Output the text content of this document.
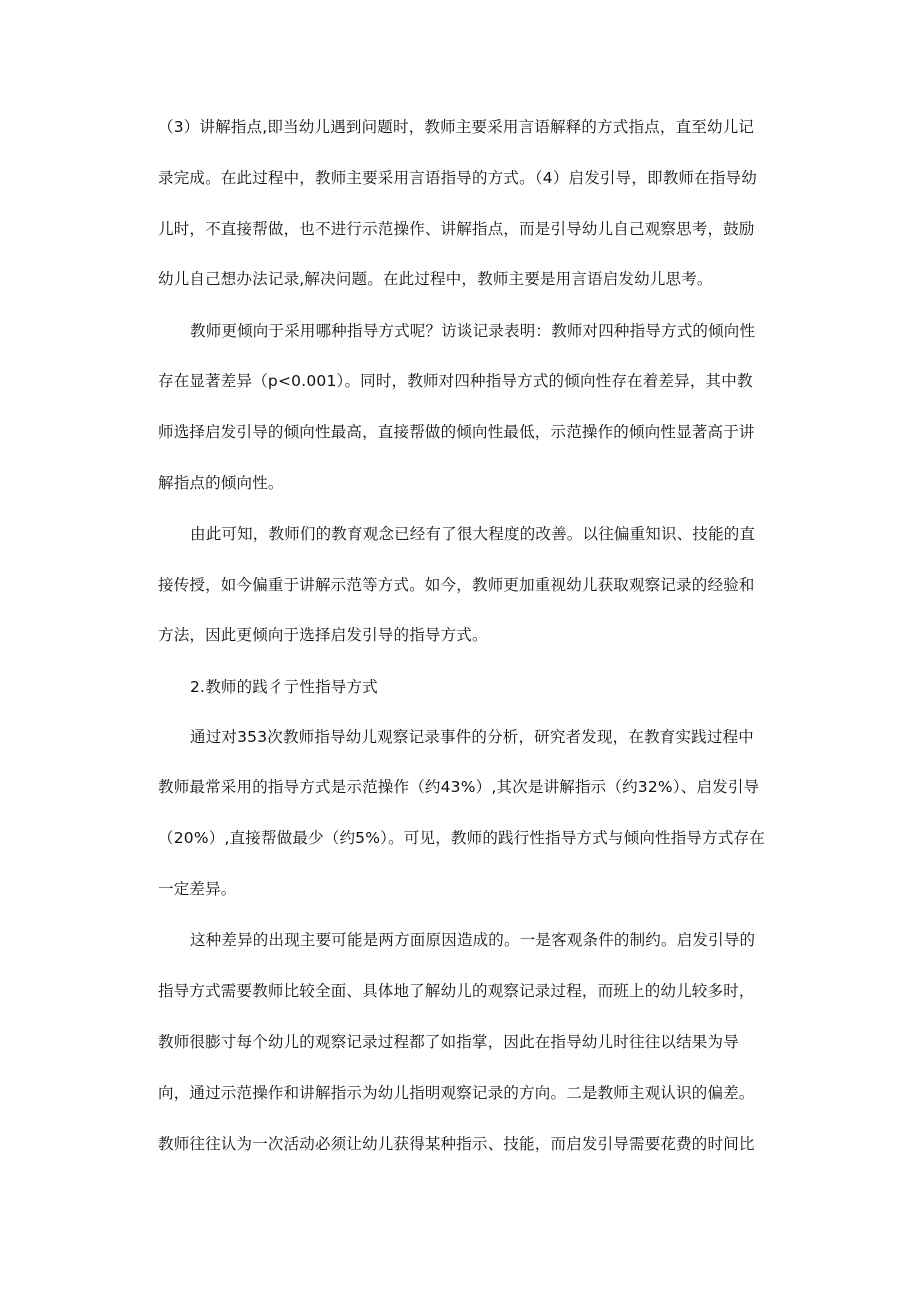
（3）讲解指点,即当幼儿遇到问题时，教师主要采用言语解释的方式指点，直至幼儿记
录完成。在此过程中，教师主要采用言语指导的方式。（4）启发引导，即教师在指导幼
儿时，不直接帮做，也不进行示范操作、讲解指点，而是引导幼儿自己观察思考，鼓励
幼儿自己想办法记录,解决问题。在此过程中，教师主要是用言语启发幼儿思考。
教师更倾向于采用哪种指导方式呢？访谈记录表明：教师对四种指导方式的倾向性
存在显著差异（p<0.001）。同时，教师对四种指导方式的倾向性存在着差异，其中教
师选择启发引导的倾向性最高，直接帮做的倾向性最低，示范操作的倾向性显著高于讲
解指点的倾向性。
由此可知，教师们的教育观念已经有了很大程度的改善。以往偏重知识、技能的直
接传授，如今偏重于讲解示范等方式。如今，教师更加重视幼儿获取观察记录的经验和
方法，因此更倾向于选择启发引导的指导方式。
2.教师的践彳亍性指导方式
通过对353次教师指导幼儿观察记录事件的分析，研究者发现，在教育实践过程中
教师最常采用的指导方式是示范操作（约43%）,其次是讲解指示（约32%）、启发引导
（20%）,直接帮做最少（约5%）。可见，教师的践行性指导方式与倾向性指导方式存在
一定差异。
这种差异的出现主要可能是两方面原因造成的。一是客观条件的制约。启发引导的
指导方式需要教师比较全面、具体地了解幼儿的观察记录过程，而班上的幼儿较多时，
教师很膨寸每个幼儿的观察记录过程都了如指掌，因此在指导幼儿时往往以结果为导
向，通过示范操作和讲解指示为幼儿指明观察记录的方向。二是教师主观认识的偏差。
教师往往认为一次活动必须让幼儿获得某种指示、技能，而启发引导需要花费的时间比
